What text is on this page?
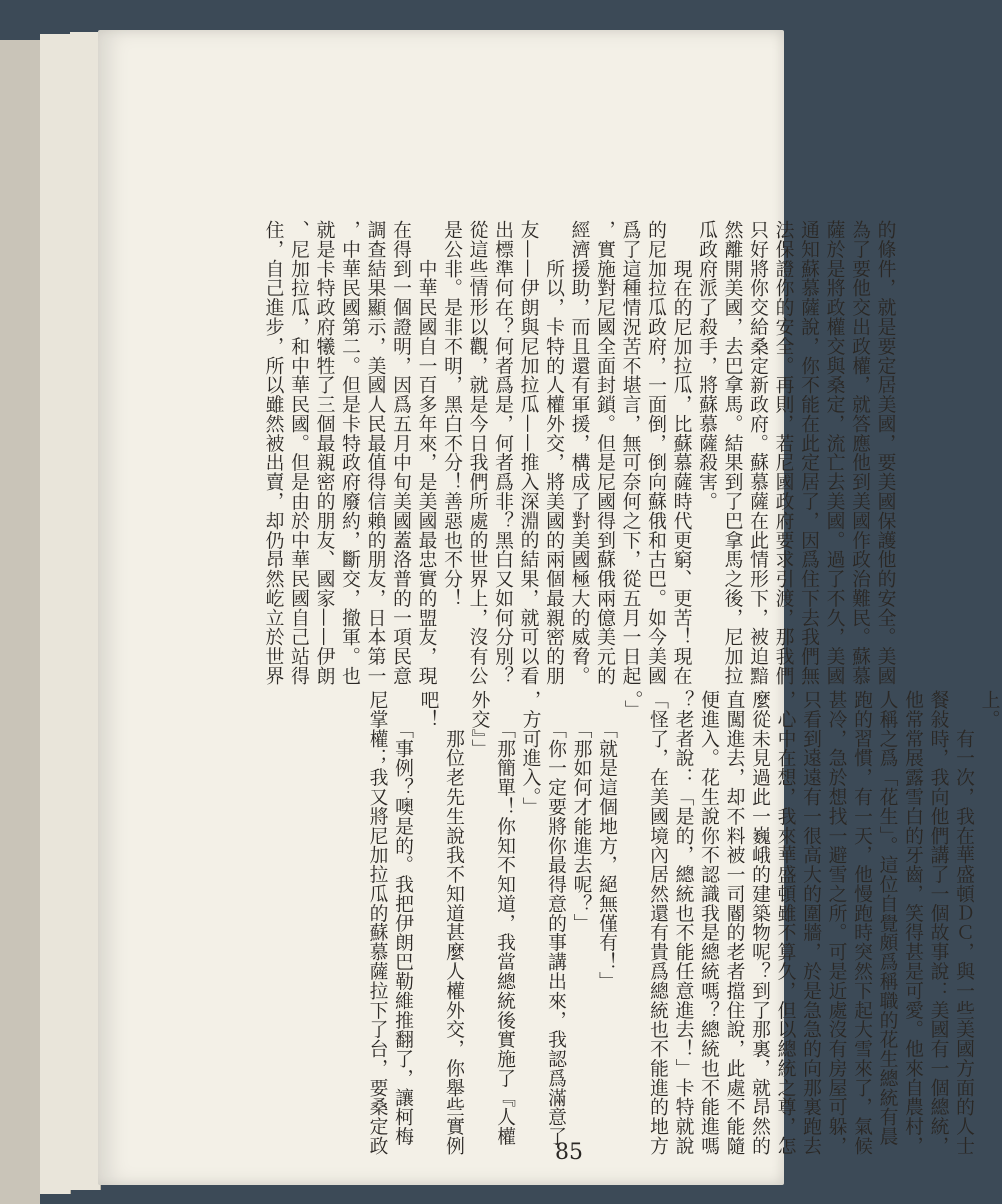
的條件，就是要定居美國，要美國保護他的安全。美國
為了要他交出政權，就答應他到美國作政治難民。蘇慕
薩於是將政權交與桑定，流亡去美國。過了不久，美國
通知蘇慕薩說，你不能在此定居了，因爲住下去我們無
法保證你的安全。再則，若尼國政府要求引渡，那我們
只好將你交給桑定新政府。蘇慕薩在此情形下，被迫黯
然離開美國，去巴拿馬。結果到了巴拿馬之後，尼加拉
瓜政府派了殺手，將蘇慕薩殺害。
　　現在的尼加拉瓜，比蘇慕薩時代更窮、更苦！現在
的尼加拉瓜政府，一面倒，倒向蘇俄和古巴。如今美國
爲了這種情況苦不堪言，無可奈何之下，從五月一日起
，實施對尼國全面封鎖。但是尼國得到蘇俄兩億美元的
經濟援助，而且還有軍援，構成了對美國極大的威脅。
　　所以，卡特的人權外交，將美國的兩個最親密的朋
友——伊朗與尼加拉瓜——推入深淵的結果，就可以看
出標準何在？何者爲是，何者爲非？黑白又如何分別？
從這些情形以觀，就是今日我們所處的世界上，沒有公
是公非。是非不明，黑白不分！善惡也不分！
　　中華民國自一百多年來，是美國最忠實的盟友，現
在得到一個證明，因爲五月中旬美國蓋洛普的一項民意
調查結果顯示，美國人民最值得信賴的朋友，日本第一
，中華民國第二。但是卡特政府廢約，斷交，撤軍。也
就是卡特政府犧牲了三個最親密的朋友、國家——伊朗
、尼加拉瓜，和中華民國。但是由於中華民國自己站得
住，自己進步，所以雖然被出賣，却仍昂然屹立於世界
上。
　　有一次，我在華盛頓ＤＣ，與一些美國方面的人士
餐敍時，我向他們講了一個故事說：美國有一個總統，
他常常展露雪白的牙齒，笑得甚是可愛。他來自農村，
人稱之爲「花生」。這位自覺頗爲稱職的花生總統有晨
跑的習慣，有一天，他慢跑時突然下起大雪來了，氣候
甚冷，急於想找一避雪之所。可是近處沒有房屋可躲，
只看到遠遠有一很高大的圍牆，於是急急的向那裏跑去
，心中在想，我來華盛頓雖不算久，但以總統之尊，怎
麼從未見過此一巍峨的建築物呢？到了那裏，就昂然的
直闖進去，却不料被一司閽的老者擋住說，此處不能隨
便進入。花生說你不認識我是總統嗎？總統也不能進嗎
？老者說：「是的，總統也不能任意進去！」卡特就說
「怪了，在美國境內居然還有貴爲總統也不能進的地方
。」
　　「就是這個地方，絕無僅有！」
　　「那如何才能進去呢？」
　　「你一定要將你最得意的事講出來，我認爲滿意了
，方可進入。」
　　「那簡單！你知不知道，我當總統後實施了『人權
外交』」
　　那位老先生說我不知道甚麼人權外交，你舉些實例
吧！
　　「事例？噢是的。我把伊朗巴勒維推翻了，讓柯梅
尼掌權；我又將尼加拉瓜的蘇慕薩拉下了台，要桑定政	85
